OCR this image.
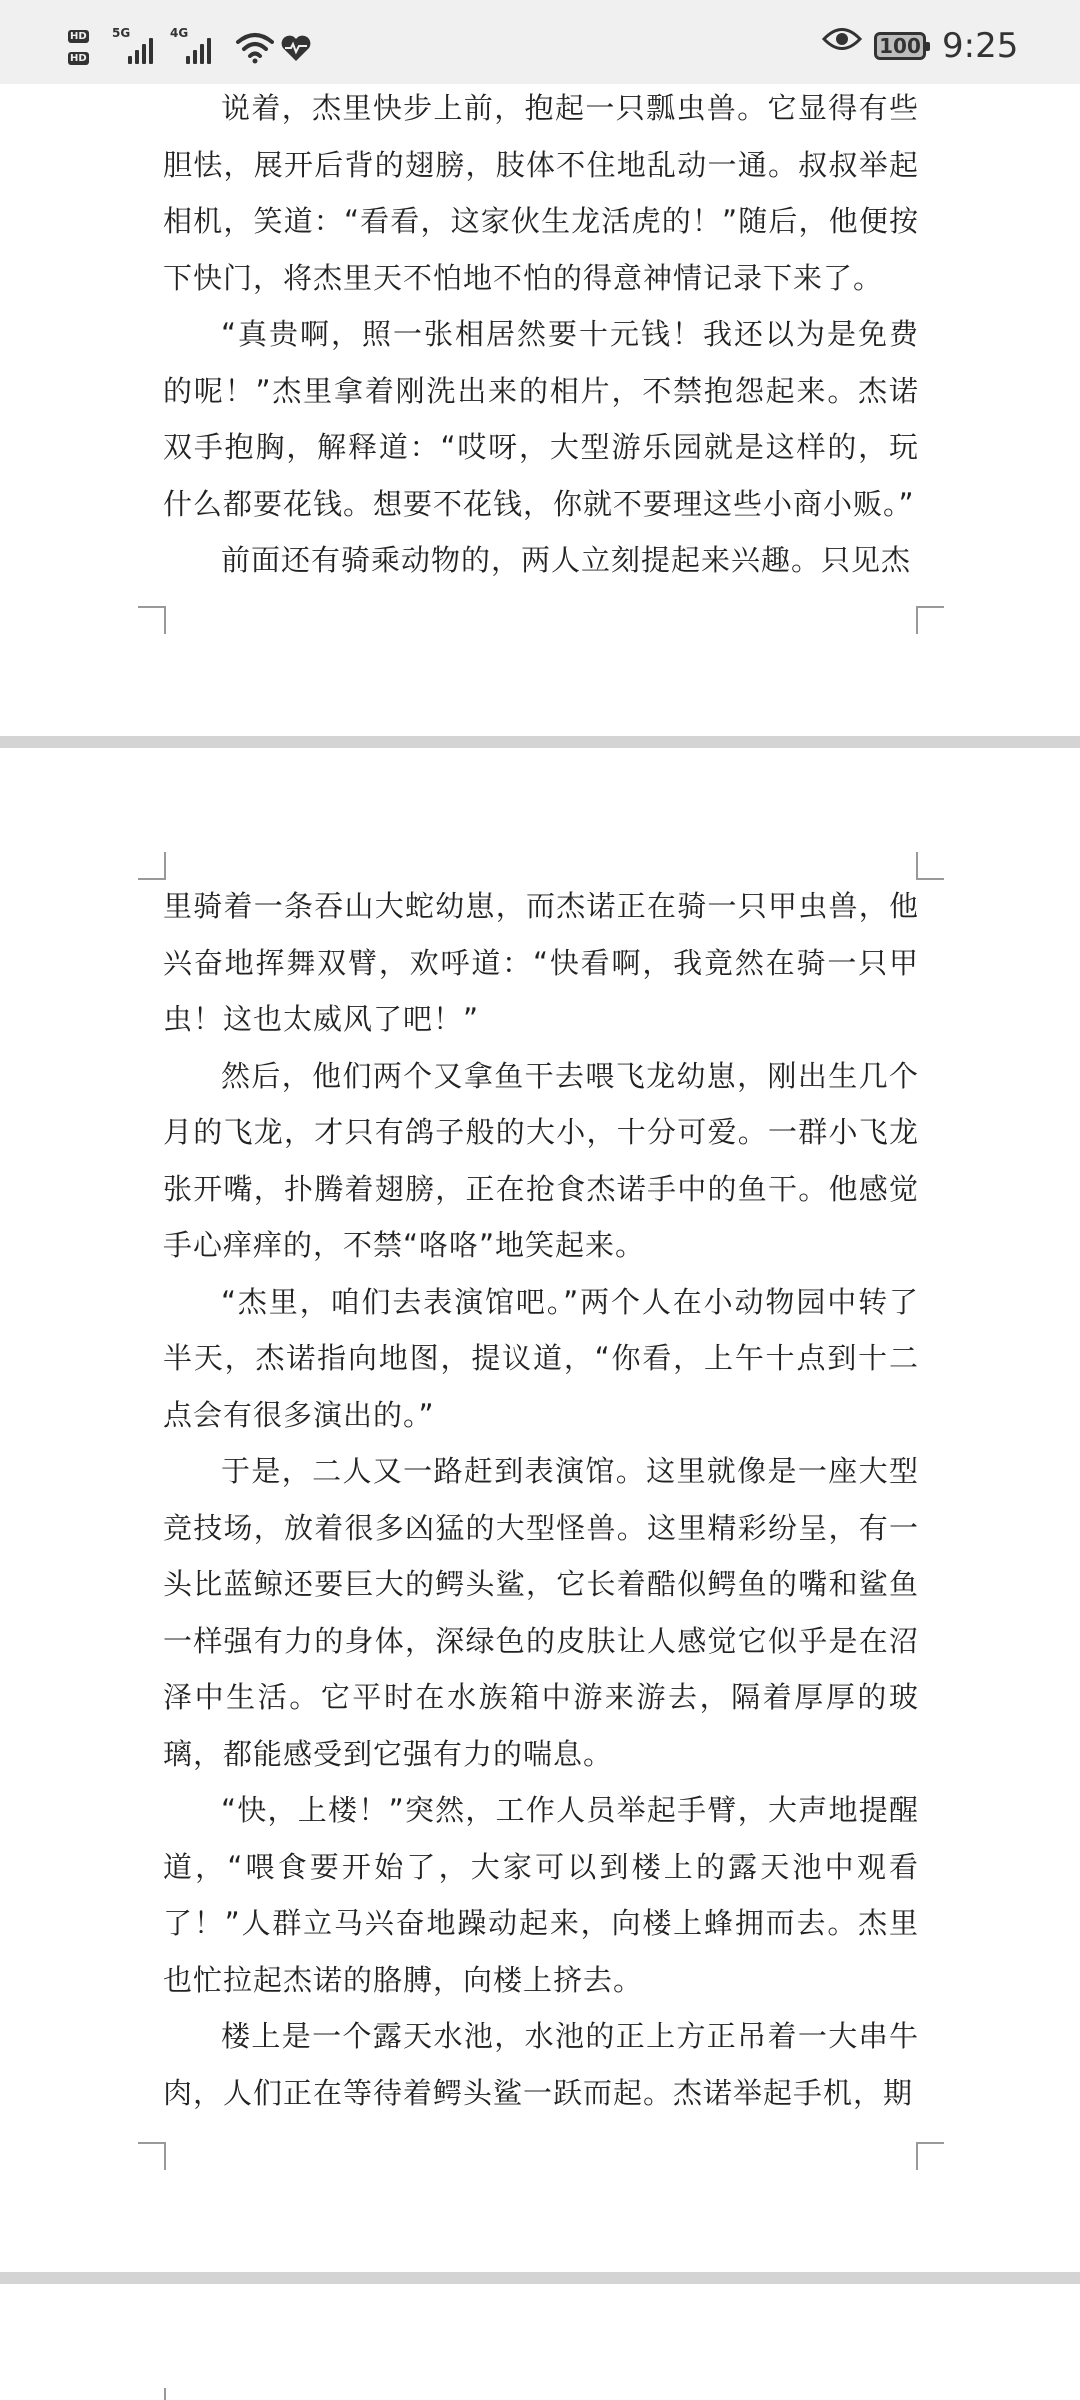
HD
HD
5G	4G
100 9:25

说着，杰里快步上前，抱起一只瓢虫兽。它显得有些胆怯，展开后背的翅膀，肢体不住地乱动一通。叔叔举起相机，笑道：“看看，这家伙生龙活虎的！”随后，他便按下快门，将杰里天不怕地不怕的得意神情记录下来了。

“真贵啊，照一张相居然要十元钱！我还以为是免费的呢！”杰里拿着刚洗出来的相片，不禁抱怨起来。杰诺双手抱胸，解释道：“哎呀，大型游乐园就是这样的，玩什么都要花钱。想要不花钱，你就不要理这些小商小贩。”

前面还有骑乘动物的，两人立刻提起来兴趣。只见杰

里骑着一条吞山大蛇幼崽，而杰诺正在骑一只甲虫兽，他兴奋地挥舞双臂，欢呼道：“快看啊，我竟然在骑一只甲虫！这也太威风了吧！”

然后，他们两个又拿鱼干去喂飞龙幼崽，刚出生几个月的飞龙，才只有鸽子般的大小，十分可爱。一群小飞龙张开嘴，扑腾着翅膀，正在抢食杰诺手中的鱼干。他感觉手心痒痒的，不禁“咯咯”地笑起来。

“杰里，咱们去表演馆吧。”两个人在小动物园中转了半天，杰诺指向地图，提议道，“你看，上午十点到十二点会有很多演出的。”

于是，二人又一路赶到表演馆。这里就像是一座大型竞技场，放着很多凶猛的大型怪兽。这里精彩纷呈，有一头比蓝鲸还要巨大的鳄头鲨，它长着酷似鳄鱼的嘴和鲨鱼一样强有力的身体，深绿色的皮肤让人感觉它似乎是在沼泽中生活。它平时在水族箱中游来游去，隔着厚厚的玻璃，都能感受到它强有力的喘息。

“快，上楼！”突然，工作人员举起手臂，大声地提醒道，“喂食要开始了，大家可以到楼上的露天池中观看了！”人群立马兴奋地躁动起来，向楼上蜂拥而去。杰里也忙拉起杰诺的胳膊，向楼上挤去。

楼上是一个露天水池，水池的正上方正吊着一大串牛肉，人们正在等待着鳄头鲨一跃而起。杰诺举起手机，期
